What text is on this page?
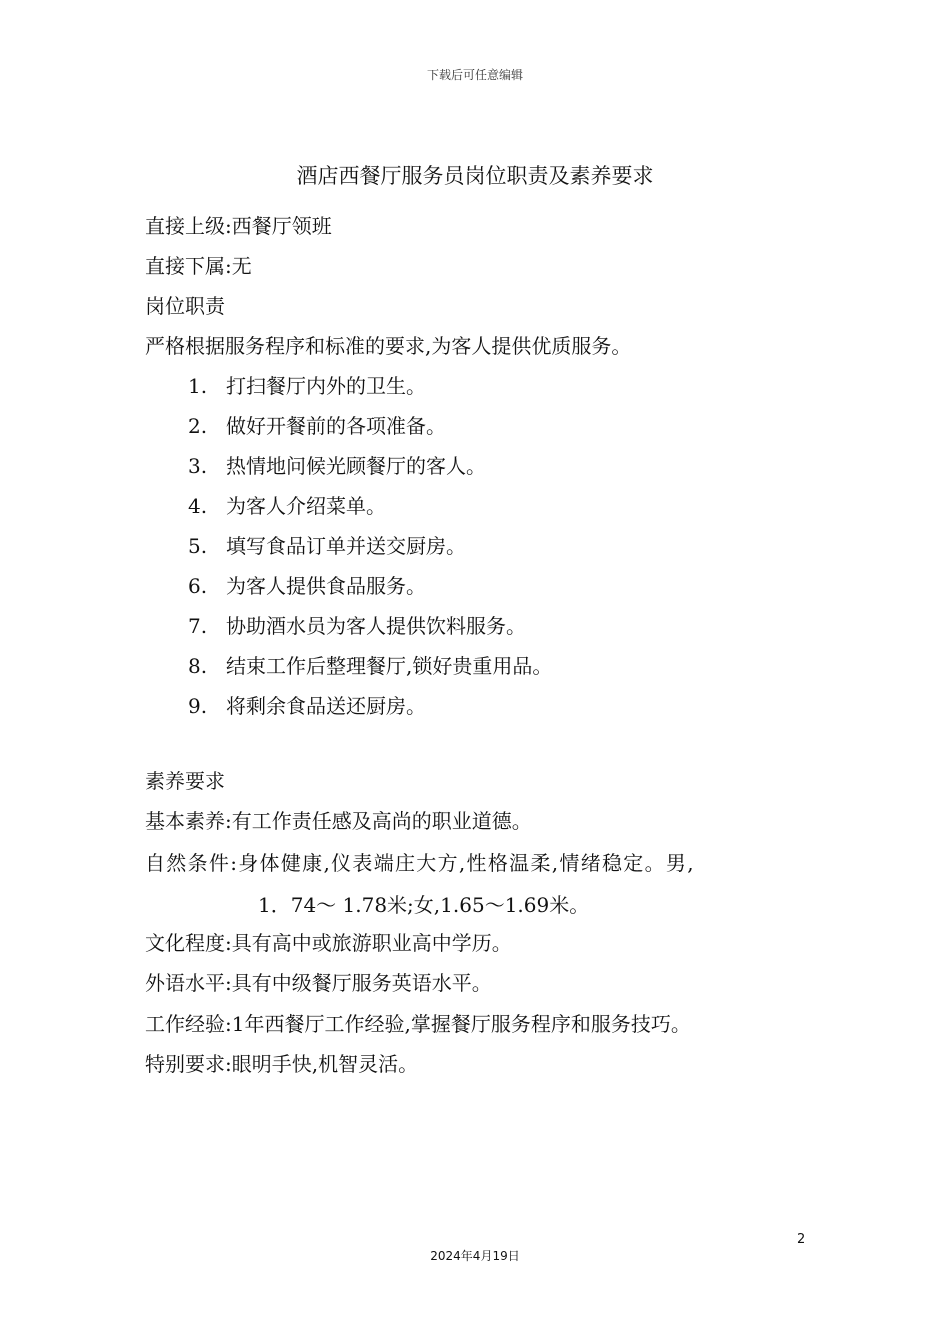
下载后可任意编辑
酒店西餐厅服务员岗位职责及素养要求
直接上级:西餐厅领班
直接下属:无
岗位职责
严格根据服务程序和标准的要求,为客人提供优质服务。
1. 打扫餐厅内外的卫生。
2. 做好开餐前的各项准备。
3. 热情地问候光顾餐厅的客人。
4. 为客人介绍菜单。
5. 填写食品订单并送交厨房。
6. 为客人提供食品服务。
7. 协助酒水员为客人提供饮料服务。
8. 结束工作后整理餐厅,锁好贵重用品。
9. 将剩余食品送还厨房。
素养要求
基本素养:有工作责任感及高尚的职业道德。
自然条件:身体健康,仪表端庄大方,性格温柔,情绪稳定。男,
1．74～ 1.78米;女,1.65～1.69米。
文化程度:具有高中或旅游职业高中学历。
外语水平:具有中级餐厅服务英语水平。
工作经验:1年西餐厅工作经验,掌握餐厅服务程序和服务技巧。
特别要求:眼明手快,机智灵活。
2
2024年4月19日
